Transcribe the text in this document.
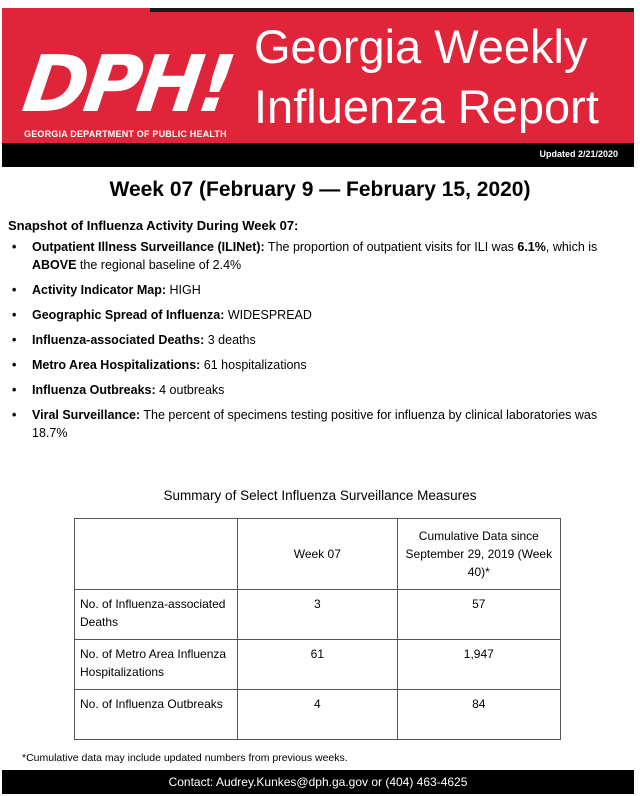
DPH!
GEORGIA DEPARTMENT OF PUBLIC HEALTH
Georgia Weekly
Influenza Report
Updated 2/21/2020
Week 07 (February 9 — February 15, 2020)
Snapshot of Influenza Activity During Week 07:
• Outpatient Illness Surveillance (ILINet): The proportion of outpatient visits for ILI was 6.1%, which is ABOVE the regional baseline of 2.4%
• Activity Indicator Map: HIGH
• Geographic Spread of Influenza: WIDESPREAD
• Influenza-associated Deaths: 3 deaths
• Metro Area Hospitalizations: 61 hospitalizations
• Influenza Outbreaks: 4 outbreaks
• Viral Surveillance: The percent of specimens testing positive for influenza by clinical laboratories was 18.7%
Summary of Select Influenza Surveillance Measures
	Week 07	Cumulative Data since September 29, 2019 (Week 40)*
No. of Influenza-associated Deaths	3	57
No. of Metro Area Influenza Hospitalizations	61	1,947
No. of Influenza Outbreaks	4	84
*Cumulative data may include updated numbers from previous weeks.
Contact: Audrey.Kunkes@dph.ga.gov or (404) 463-4625
